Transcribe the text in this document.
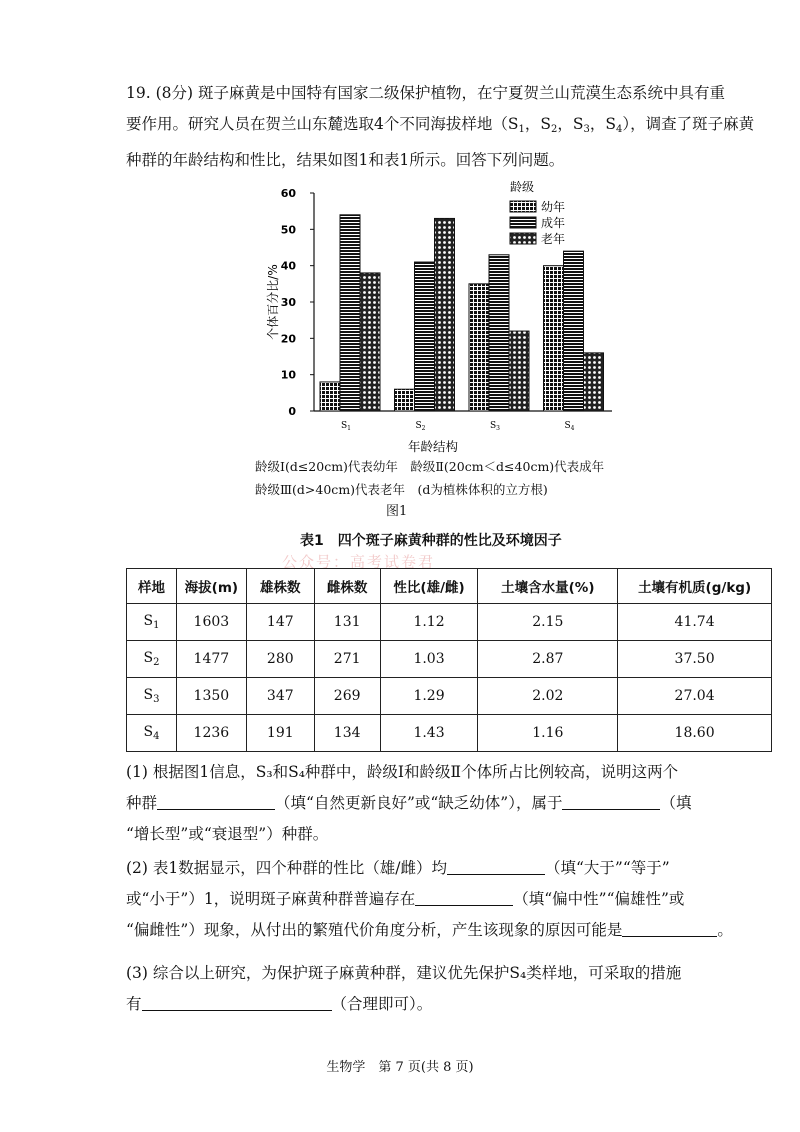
19. (8分) 斑子麻黄是中国特有国家二级保护植物，在宁夏贺兰山荒漠生态系统中具有重
要作用。研究人员在贺兰山东麓选取4个不同海拔样地（$S_1$，$S_2$，$S_3$，$S_4$），调查了斑子麻黄
种群的年龄结构和性比，结果如图1和表1所示。回答下列问题。
0
10
20
30
40
50
60
$S_1$	$S_2$	$S_3$	$S_4$
个体百分比/%
年龄结构
龄级
幼年
成年
老年
龄级Ⅰ(d≤20cm)代表幼年　龄级Ⅱ(20cm＜d≤40cm)代表成年
龄级Ⅲ(d>40cm)代表老年　(d为植株体积的立方根)
图1
表1　四个斑子麻黄种群的性比及环境因子
公众号：高考试卷君
样地	海拔(m)	雄株数	雌株数	性比(雄/雌)	土壤含水量(%)	土壤有机质(g/kg)
$S_1$	1603	147	131	1.12	2.15	41.74
$S_2$	1477	280	271	1.03	2.87	37.50
$S_3$	1350	347	269	1.29	2.02	27.04
$S_4$	1236	191	134	1.43	1.16	18.60
(1) 根据图1信息，S₃和S₄种群中，龄级Ⅰ和龄级Ⅱ个体所占比例较高，说明这两个
种群	（填“自然更新良好”或“缺乏幼体”），属于	（填
“增长型”或“衰退型”）种群。
(2) 表1数据显示，四个种群的性比（雄/雌）均	（填“大于”“等于”
或“小于”）1，说明斑子麻黄种群普遍存在	（填“偏中性”“偏雄性”或
“偏雌性”）现象，从付出的繁殖代价角度分析，产生该现象的原因可能是	。
(3) 综合以上研究，为保护斑子麻黄种群，建议优先保护S₄类样地，可采取的措施
有	（合理即可）。
生物学　第 7 页(共 8 页)
